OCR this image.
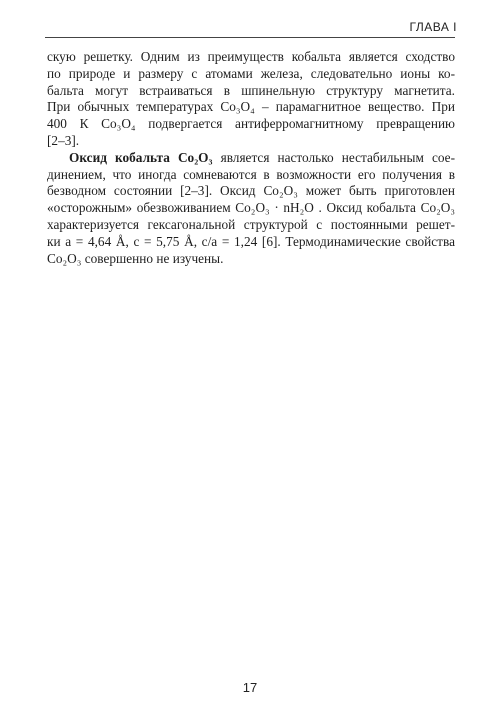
ГЛАВА I

скую решетку. Одним из преимуществ кобальта является сходство
по природе и размеру с атомами железа, следовательно ионы ко-
бальта могут встраиваться в шпинельную структуру магнетита.
При обычных температурах Co₃O₄ – парамагнитное вещество. При
400 К Co₃O₄ подвергается антиферромагнитному превращению
[2–3].

Оксид кобальта Co₂O₃ является настолько нестабильным сое-
динением, что иногда сомневаются в возможности его получения в
безводном состоянии [2–3]. Оксид Co₂O₃ может быть приготовлен
«осторожным» обезвоживанием Co₂O₃ · nH₂O . Оксид кобальта Co₂O₃
характеризуется гексагональной структурой с постоянными решет-
ки a = 4,64 Å, c = 5,75 Å, c/a = 1,24 [6]. Термодинамические свойства
Co₂O₃ совершенно не изучены.

17
